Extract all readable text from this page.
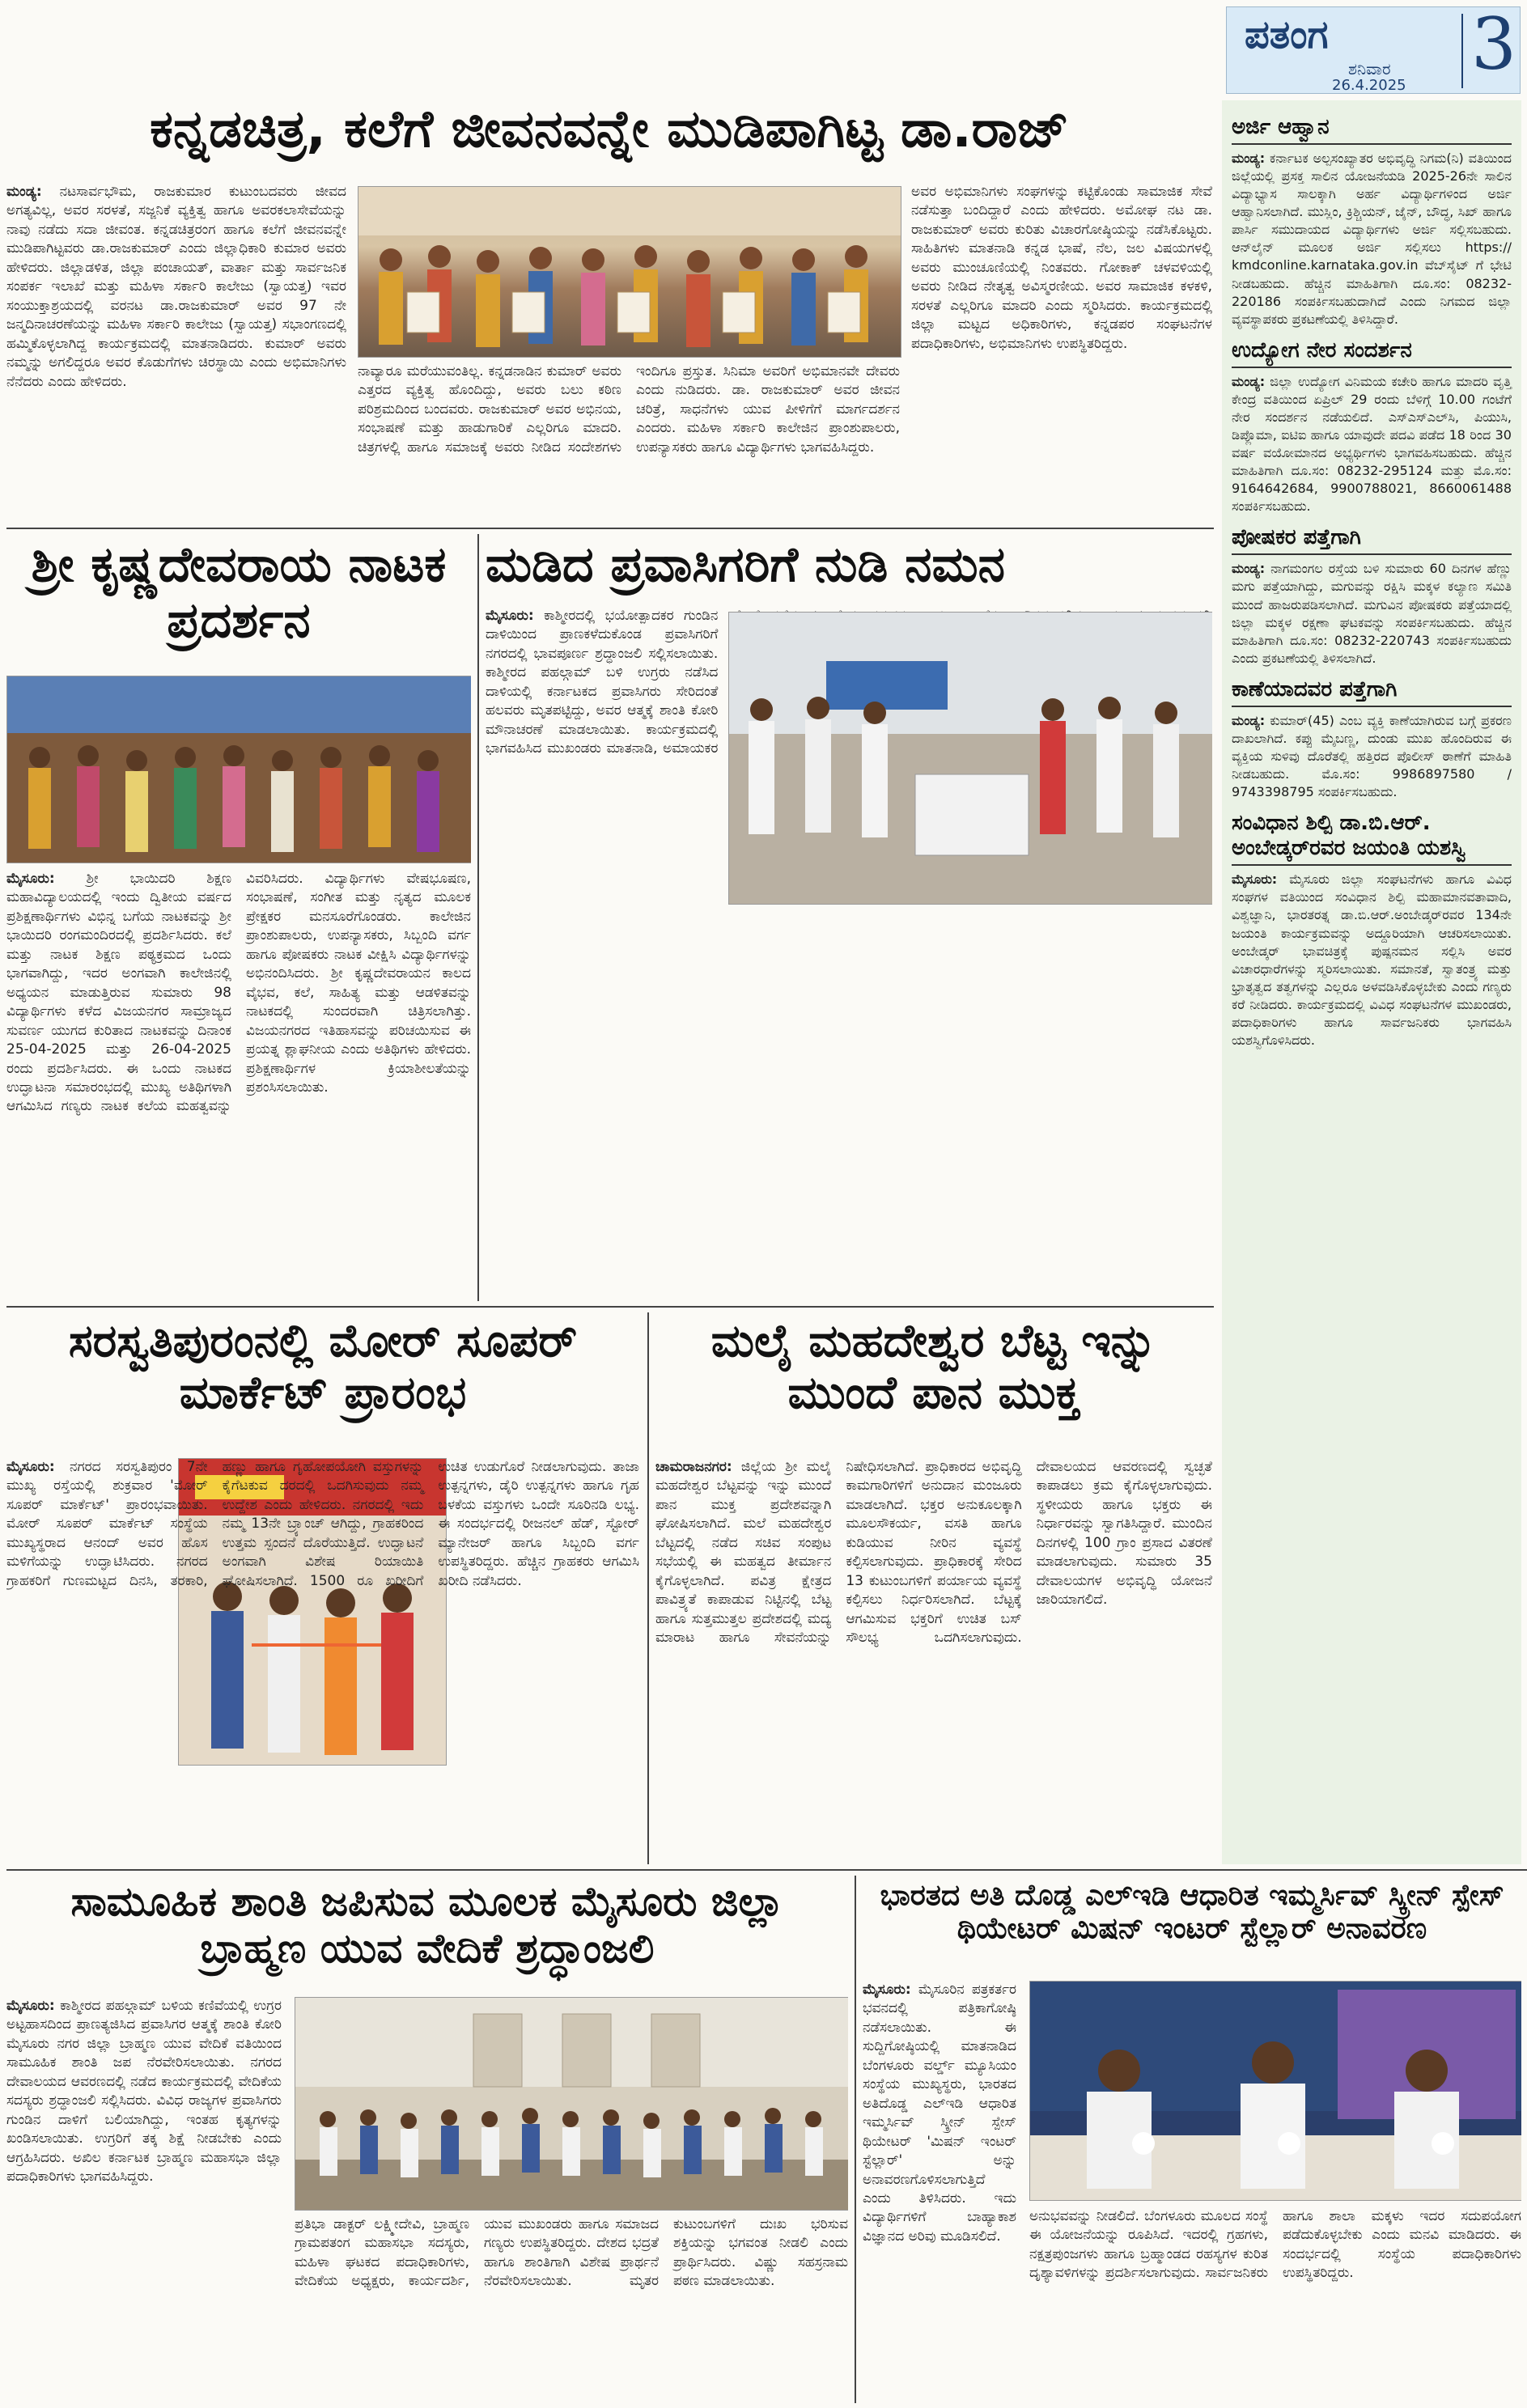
ಪತಂಗ
ಶನಿವಾರ
26.4.2025 3
ಕನ್ನಡಚಿತ್ರ, ಕಲೆಗೆ ಜೀವನವನ್ನೇ ಮುಡಿಪಾಗಿಟ್ಟ ಡಾ.ರಾಜ್
ಮಂಡ್ಯ: ನಟಸಾರ್ವಭೌಮ, ರಾಜಕುಮಾರ ಕುಟುಂಬದವರು ಜೀವದ ಅಗತ್ಯವಿಲ್ಲ, ಅವರ ಸರಳತೆ, ಸಜ್ಜನಿಕೆ ವ್ಯಕ್ತಿತ್ವ ಹಾಗೂ ಅವರಕಲಾಸೇವೆಯನ್ನು ನಾವು ನಡೆದು ಸದಾ ಜೀವಂತ. ಕನ್ನಡಚಿತ್ರರಂಗ ಹಾಗೂ ಕಲೆಗೆ ಜೀವನವನ್ನೇ ಮುಡಿಪಾಗಿಟ್ಟವರು ಡಾ.ರಾಜಕುಮಾರ್ ಎಂದು ಜಿಲ್ಲಾಧಿಕಾರಿ ಕುಮಾರ ಅವರು ಹೇಳಿದರು. ಜಿಲ್ಲಾಡಳಿತ, ಜಿಲ್ಲಾ ಪಂಚಾಯತ್, ವಾರ್ತಾ ಮತ್ತು ಸಾರ್ವಜನಿಕ ಸಂಪರ್ಕ ಇಲಾಖೆ ಮತ್ತು ಮಹಿಳಾ ಸರ್ಕಾರಿ ಕಾಲೇಜು (ಸ್ವಾಯತ್ತ) ಇವರ ಸಂಯುಕ್ತಾಶ್ರಯದಲ್ಲಿ ವರನಟ ಡಾ.ರಾಜಕುಮಾರ್ ಅವರ 97 ನೇ ಜನ್ಮದಿನಾಚರಣೆಯನ್ನು ಮಹಿಳಾ ಸರ್ಕಾರಿ ಕಾಲೇಜು (ಸ್ವಾಯತ್ತ) ಸಭಾಂಗಣದಲ್ಲಿ ಹಮ್ಮಿಕೊಳ್ಳಲಾಗಿದ್ದ ಕಾರ್ಯಕ್ರಮದಲ್ಲಿ ಮಾತನಾಡಿದರು. ಕುಮಾರ್ ಅವರು ನಮ್ಮನ್ನು ಅಗಲಿದ್ದರೂ ಅವರ ಕೊಡುಗೆಗಳು ಚಿರಸ್ಥಾಯಿ ಎಂದು ಅಭಿಮಾನಿಗಳು ನೆನೆದರು ಎಂದು ಹೇಳಿದರು.
ನಾವ್ಯಾರೂ ಮರೆಯುವಂತಿಲ್ಲ. ಕನ್ನಡನಾಡಿನ ಕುಮಾರ್ ಅವರು ಎತ್ತರದ ವ್ಯಕ್ತಿತ್ವ ಹೊಂದಿದ್ದು, ಅವರು ಬಲು ಕಠಿಣ ಪರಿಶ್ರಮದಿಂದ ಬಂದವರು. ರಾಜಕುಮಾರ್ ಅವರ ಅಭಿನಯ, ಸಂಭಾಷಣೆ ಮತ್ತು ಹಾಡುಗಾರಿಕೆ ಎಲ್ಲರಿಗೂ ಮಾದರಿ. ಚಿತ್ರಗಳಲ್ಲಿ ಹಾಗೂ ಸಮಾಜಕ್ಕೆ ಅವರು ನೀಡಿದ ಸಂದೇಶಗಳು ಇಂದಿಗೂ ಪ್ರಸ್ತುತ. ಸಿನಿಮಾ ಅವರಿಗೆ ಅಭಿಮಾನವೇ ದೇವರು ಎಂದು ನುಡಿದರು. ಡಾ. ರಾಜಕುಮಾರ್ ಅವರ ಜೀವನ ಚರಿತ್ರೆ, ಸಾಧನೆಗಳು ಯುವ ಪೀಳಿಗೆಗೆ ಮಾರ್ಗದರ್ಶನ ಎಂದರು. ಮಹಿಳಾ ಸರ್ಕಾರಿ ಕಾಲೇಜಿನ ಪ್ರಾಂಶುಪಾಲರು, ಉಪನ್ಯಾಸಕರು ಹಾಗೂ ವಿದ್ಯಾರ್ಥಿಗಳು ಭಾಗವಹಿಸಿದ್ದರು.
ಅವರ ಅಭಿಮಾನಿಗಳು ಸಂಘಗಳನ್ನು ಕಟ್ಟಿಕೊಂಡು ಸಾಮಾಜಿಕ ಸೇವೆ ನಡೆಸುತ್ತಾ ಬಂದಿದ್ದಾರೆ ಎಂದು ಹೇಳಿದರು. ಅಮೋಘ ನಟ ಡಾ. ರಾಜಕುಮಾರ್ ಅವರು ಕುರಿತು ವಿಚಾರಗೋಷ್ಠಿಯನ್ನು ನಡೆಸಿಕೊಟ್ಟರು. ಸಾಹಿತಿಗಳು ಮಾತನಾಡಿ ಕನ್ನಡ ಭಾಷೆ, ನೆಲ, ಜಲ ವಿಷಯಗಳಲ್ಲಿ ಅವರು ಮುಂಚೂಣಿಯಲ್ಲಿ ನಿಂತವರು. ಗೋಕಾಕ್ ಚಳವಳಿಯಲ್ಲಿ ಅವರು ನೀಡಿದ ನೇತೃತ್ವ ಅವಿಸ್ಮರಣೀಯ. ಅವರ ಸಾಮಾಜಿಕ ಕಳಕಳಿ, ಸರಳತೆ ಎಲ್ಲರಿಗೂ ಮಾದರಿ ಎಂದು ಸ್ಮರಿಸಿದರು. ಕಾರ್ಯಕ್ರಮದಲ್ಲಿ ಜಿಲ್ಲಾ ಮಟ್ಟದ ಅಧಿಕಾರಿಗಳು, ಕನ್ನಡಪರ ಸಂಘಟನೆಗಳ ಪದಾಧಿಕಾರಿಗಳು, ಅಭಿಮಾನಿಗಳು ಉಪಸ್ಥಿತರಿದ್ದರು.
ಶ್ರೀ ಕೃಷ್ಣದೇವರಾಯ ನಾಟಕ ಪ್ರದರ್ಶನ
ಮೈಸೂರು: ಶ್ರೀ ಭಾಯಿದರಿ ಶಿಕ್ಷಣ ಮಹಾವಿದ್ಯಾಲಯದಲ್ಲಿ ಇಂದು ದ್ವಿತೀಯ ವರ್ಷದ ಪ್ರಶಿಕ್ಷಣಾರ್ಥಿಗಳು ವಿಭಿನ್ನ ಬಗೆಯ ನಾಟಕವನ್ನು ಶ್ರೀ ಭಾಯಿದರಿ ರಂಗಮಂದಿರದಲ್ಲಿ ಪ್ರದರ್ಶಿಸಿದರು. ಕಲೆ ಮತ್ತು ನಾಟಕ ಶಿಕ್ಷಣ ಪಠ್ಯಕ್ರಮದ ಒಂದು ಭಾಗವಾಗಿದ್ದು, ಇದರ ಅಂಗವಾಗಿ ಕಾಲೇಜಿನಲ್ಲಿ ಅಧ್ಯಯನ ಮಾಡುತ್ತಿರುವ ಸುಮಾರು 98 ವಿದ್ಯಾರ್ಥಿಗಳು ಕಳೆದ ವಿಜಯನಗರ ಸಾಮ್ರಾಜ್ಯದ ಸುವರ್ಣ ಯುಗದ ಕುರಿತಾದ ನಾಟಕವನ್ನು ದಿನಾಂಕ 25-04-2025 ಮತ್ತು 26-04-2025 ರಂದು ಪ್ರದರ್ಶಿಸಿದರು. ಈ ಒಂದು ನಾಟಕದ ಉದ್ಘಾಟನಾ ಸಮಾರಂಭದಲ್ಲಿ ಮುಖ್ಯ ಅತಿಥಿಗಳಾಗಿ ಆಗಮಿಸಿದ ಗಣ್ಯರು ನಾಟಕ ಕಲೆಯ ಮಹತ್ವವನ್ನು ವಿವರಿಸಿದರು. ವಿದ್ಯಾರ್ಥಿಗಳು ವೇಷಭೂಷಣ, ಸಂಭಾಷಣೆ, ಸಂಗೀತ ಮತ್ತು ನೃತ್ಯದ ಮೂಲಕ ಪ್ರೇಕ್ಷಕರ ಮನಸೂರೆಗೊಂಡರು. ಕಾಲೇಜಿನ ಪ್ರಾಂಶುಪಾಲರು, ಉಪನ್ಯಾಸಕರು, ಸಿಬ್ಬಂದಿ ವರ್ಗ ಹಾಗೂ ಪೋಷಕರು ನಾಟಕ ವೀಕ್ಷಿಸಿ ವಿದ್ಯಾರ್ಥಿಗಳನ್ನು ಅಭಿನಂದಿಸಿದರು. ಶ್ರೀ ಕೃಷ್ಣದೇವರಾಯನ ಕಾಲದ ವೈಭವ, ಕಲೆ, ಸಾಹಿತ್ಯ ಮತ್ತು ಆಡಳಿತವನ್ನು ನಾಟಕದಲ್ಲಿ ಸುಂದರವಾಗಿ ಚಿತ್ರಿಸಲಾಗಿತ್ತು. ವಿಜಯನಗರದ ಇತಿಹಾಸವನ್ನು ಪರಿಚಯಿಸುವ ಈ ಪ್ರಯತ್ನ ಶ್ಲಾಘನೀಯ ಎಂದು ಅತಿಥಿಗಳು ಹೇಳಿದರು. ಪ್ರಶಿಕ್ಷಣಾರ್ಥಿಗಳ ಕ್ರಿಯಾಶೀಲತೆಯನ್ನು ಪ್ರಶಂಸಿಸಲಾಯಿತು.
ಮಡಿದ ಪ್ರವಾಸಿಗರಿಗೆ ನುಡಿ ನಮನ
ಮೈಸೂರು: ಕಾಶ್ಮೀರದಲ್ಲಿ ಭಯೋತ್ಪಾದಕರ ಗುಂಡಿನ ದಾಳಿಯಿಂದ ಪ್ರಾಣಕಳೆದುಕೊಂಡ ಪ್ರವಾಸಿಗರಿಗೆ ನಗರದಲ್ಲಿ ಭಾವಪೂರ್ಣ ಶ್ರದ್ಧಾಂಜಲಿ ಸಲ್ಲಿಸಲಾಯಿತು. ಕಾಶ್ಮೀರದ ಪಹಲ್ಗಾಮ್ ಬಳಿ ಉಗ್ರರು ನಡೆಸಿದ ದಾಳಿಯಲ್ಲಿ ಕರ್ನಾಟಕದ ಪ್ರವಾಸಿಗರು ಸೇರಿದಂತೆ ಹಲವರು ಮೃತಪಟ್ಟಿದ್ದು, ಅವರ ಆತ್ಮಕ್ಕೆ ಶಾಂತಿ ಕೋರಿ ಮೌನಾಚರಣೆ ಮಾಡಲಾಯಿತು. ಕಾರ್ಯಕ್ರಮದಲ್ಲಿ ಭಾಗವಹಿಸಿದ ಮುಖಂಡರು ಮಾತನಾಡಿ, ಅಮಾಯಕರ
ಸರಸ್ವತಿಪುರಂನಲ್ಲಿ ಮೋರ್ ಸೂಪರ್ ಮಾರ್ಕೆಟ್ ಪ್ರಾರಂಭ
ಮೈಸೂರು: ನಗರದ ಸರಸ್ವತಿಪುರಂ 7ನೇ ಮುಖ್ಯ ರಸ್ತೆಯಲ್ಲಿ ಶುಕ್ರವಾರ 'ಮೋರ್ ಸೂಪರ್ ಮಾರ್ಕೆಟ್' ಪ್ರಾರಂಭವಾಯಿತು. ಮೋರ್ ಸೂಪರ್ ಮಾರ್ಕೆಟ್ ಸಂಸ್ಥೆಯ ಮುಖ್ಯಸ್ಥರಾದ ಆನಂದ್ ಅವರ ಹೊಸ ಮಳಿಗೆಯನ್ನು ಉದ್ಘಾಟಿಸಿದರು. ನಗರದ ಗ್ರಾಹಕರಿಗೆ ಗುಣಮಟ್ಟದ ದಿನಸಿ, ತರಕಾರಿ, ಹಣ್ಣು ಹಾಗೂ ಗೃಹೋಪಯೋಗಿ ವಸ್ತುಗಳನ್ನು ಕೈಗೆಟಕುವ ದರದಲ್ಲಿ ಒದಗಿಸುವುದು ನಮ್ಮ ಉದ್ದೇಶ ಎಂದು ಹೇಳಿದರು. ನಗರದಲ್ಲಿ ಇದು ನಮ್ಮ 13ನೇ ಬ್ರ್ಯಾಂಚ್ ಆಗಿದ್ದು, ಗ್ರಾಹಕರಿಂದ ಉತ್ತಮ ಸ್ಪಂದನೆ ದೊರೆಯುತ್ತಿದೆ. ಉದ್ಘಾಟನೆ ಅಂಗವಾಗಿ ವಿಶೇಷ ರಿಯಾಯಿತಿ ಘೋಷಿಸಲಾಗಿದೆ. 1500 ರೂ ಖರೀದಿಗೆ ಉಚಿತ ಉಡುಗೊರೆ ನೀಡಲಾಗುವುದು. ತಾಜಾ ಉತ್ಪನ್ನಗಳು, ಡೈರಿ ಉತ್ಪನ್ನಗಳು ಹಾಗೂ ಗೃಹ ಬಳಕೆಯ ವಸ್ತುಗಳು ಒಂದೇ ಸೂರಿನಡಿ ಲಭ್ಯ. ಈ ಸಂದರ್ಭದಲ್ಲಿ ರೀಜನಲ್ ಹೆಡ್, ಸ್ಟೋರ್ ಮ್ಯಾನೇಜರ್ ಹಾಗೂ ಸಿಬ್ಬಂದಿ ವರ್ಗ ಉಪಸ್ಥಿತರಿದ್ದರು. ಹೆಚ್ಚಿನ ಗ್ರಾಹಕರು ಆಗಮಿಸಿ ಖರೀದಿ ನಡೆಸಿದರು.
ಮಲೈ ಮಹದೇಶ್ವರ ಬೆಟ್ಟ ಇನ್ನು ಮುಂದೆ ಪಾನ ಮುಕ್ತ
ಚಾಮರಾಜನಗರ: ಜಿಲ್ಲೆಯ ಶ್ರೀ ಮಲೈ ಮಹದೇಶ್ವರ ಬೆಟ್ಟವನ್ನು ಇನ್ನು ಮುಂದೆ ಪಾನ ಮುಕ್ತ ಪ್ರದೇಶವನ್ನಾಗಿ ಘೋಷಿಸಲಾಗಿದೆ. ಮಲೆ ಮಹದೇಶ್ವರ ಬೆಟ್ಟದಲ್ಲಿ ನಡೆದ ಸಚಿವ ಸಂಪುಟ ಸಭೆಯಲ್ಲಿ ಈ ಮಹತ್ವದ ತೀರ್ಮಾನ ಕೈಗೊಳ್ಳಲಾಗಿದೆ. ಪವಿತ್ರ ಕ್ಷೇತ್ರದ ಪಾವಿತ್ರ್ಯತೆ ಕಾಪಾಡುವ ನಿಟ್ಟಿನಲ್ಲಿ ಬೆಟ್ಟ ಹಾಗೂ ಸುತ್ತಮುತ್ತಲ ಪ್ರದೇಶದಲ್ಲಿ ಮದ್ಯ ಮಾರಾಟ ಹಾಗೂ ಸೇವನೆಯನ್ನು ನಿಷೇಧಿಸಲಾಗಿದೆ. ಪ್ರಾಧಿಕಾರದ ಅಭಿವೃದ್ಧಿ ಕಾಮಗಾರಿಗಳಿಗೆ ಅನುದಾನ ಮಂಜೂರು ಮಾಡಲಾಗಿದೆ. ಭಕ್ತರ ಅನುಕೂಲಕ್ಕಾಗಿ ಮೂಲಸೌಕರ್ಯ, ವಸತಿ ಹಾಗೂ ಕುಡಿಯುವ ನೀರಿನ ವ್ಯವಸ್ಥೆ ಕಲ್ಪಿಸಲಾಗುವುದು. ಪ್ರಾಧಿಕಾರಕ್ಕೆ ಸೇರಿದ 13 ಕುಟುಂಬಗಳಿಗೆ ಪರ್ಯಾಯ ವ್ಯವಸ್ಥೆ ಕಲ್ಪಿಸಲು ನಿರ್ಧರಿಸಲಾಗಿದೆ. ಬೆಟ್ಟಕ್ಕೆ ಆಗಮಿಸುವ ಭಕ್ತರಿಗೆ ಉಚಿತ ಬಸ್ ಸೌಲಭ್ಯ ಒದಗಿಸಲಾಗುವುದು. ದೇವಾಲಯದ ಆವರಣದಲ್ಲಿ ಸ್ವಚ್ಛತೆ ಕಾಪಾಡಲು ಕ್ರಮ ಕೈಗೊಳ್ಳಲಾಗುವುದು. ಸ್ಥಳೀಯರು ಹಾಗೂ ಭಕ್ತರು ಈ ನಿರ್ಧಾರವನ್ನು ಸ್ವಾಗತಿಸಿದ್ದಾರೆ. ಮುಂದಿನ ದಿನಗಳಲ್ಲಿ 100 ಗ್ರಾಂ ಪ್ರಸಾದ ವಿತರಣೆ ಮಾಡಲಾಗುವುದು. ಸುಮಾರು 35 ದೇವಾಲಯಗಳ ಅಭಿವೃದ್ಧಿ ಯೋಜನೆ ಜಾರಿಯಾಗಲಿದೆ.
ಅರ್ಜಿ ಆಹ್ವಾನ
ಮಂಡ್ಯ: ಕರ್ನಾಟಕ ಅಲ್ಪಸಂಖ್ಯಾತರ ಅಭಿವೃದ್ಧಿ ನಿಗಮ(ನಿ) ವತಿಯಿಂದ ಜಿಲ್ಲೆಯಲ್ಲಿ ಪ್ರಸಕ್ತ ಸಾಲಿನ ಯೋಜನೆಯಡಿ 2025-26ನೇ ಸಾಲಿನ ವಿದ್ಯಾಭ್ಯಾಸ ಸಾಲಕ್ಕಾಗಿ ಅರ್ಹ ವಿದ್ಯಾರ್ಥಿಗಳಿಂದ ಅರ್ಜಿ ಆಹ್ವಾನಿಸಲಾಗಿದೆ. ಮುಸ್ಲಿಂ, ಕ್ರಿಶ್ಚಿಯನ್, ಜೈನ್, ಬೌದ್ಧ, ಸಿಖ್ ಹಾಗೂ ಪಾರ್ಸಿ ಸಮುದಾಯದ ವಿದ್ಯಾರ್ಥಿಗಳು ಅರ್ಜಿ ಸಲ್ಲಿಸಬಹುದು. ಆನ್‌ಲೈನ್ ಮೂಲಕ ಅರ್ಜಿ ಸಲ್ಲಿಸಲು https:// kmdconline.karnataka.gov.in ವೆಬ್‌ಸೈಟ್ ಗೆ ಭೇಟಿ ನೀಡಬಹುದು. ಹೆಚ್ಚಿನ ಮಾಹಿತಿಗಾಗಿ ದೂ.ಸಂ: 08232-220186 ಸಂಪರ್ಕಿಸಬಹುದಾಗಿದೆ ಎಂದು ನಿಗಮದ ಜಿಲ್ಲಾ ವ್ಯವಸ್ಥಾಪಕರು ಪ್ರಕಟಣೆಯಲ್ಲಿ ತಿಳಿಸಿದ್ದಾರೆ.
ಉದ್ಯೋಗ ನೇರ ಸಂದರ್ಶನ
ಮಂಡ್ಯ: ಜಿಲ್ಲಾ ಉದ್ಯೋಗ ವಿನಿಮಯ ಕಚೇರಿ ಹಾಗೂ ಮಾದರಿ ವೃತ್ತಿ ಕೇಂದ್ರ ವತಿಯಿಂದ ಏಪ್ರಿಲ್ 29 ರಂದು ಬೆಳಿಗ್ಗೆ 10.00 ಗಂಟೆಗೆ ನೇರ ಸಂದರ್ಶನ ನಡೆಯಲಿದೆ. ಎಸ್‌ಎಸ್‌ಎಲ್‌ಸಿ, ಪಿಯುಸಿ, ಡಿಪ್ಲೊಮಾ, ಐಟಿಐ ಹಾಗೂ ಯಾವುದೇ ಪದವಿ ಪಡೆದ 18 ರಿಂದ 30 ವರ್ಷ ವಯೋಮಾನದ ಅಭ್ಯರ್ಥಿಗಳು ಭಾಗವಹಿಸಬಹುದು. ಹೆಚ್ಚಿನ ಮಾಹಿತಿಗಾಗಿ ದೂ.ಸಂ: 08232-295124 ಮತ್ತು ಮೊ.ಸಂ: 9164642684, 9900788021, 8660061488 ಸಂಪರ್ಕಿಸಬಹುದು.
ಪೋಷಕರ ಪತ್ತೆಗಾಗಿ
ಮಂಡ್ಯ: ನಾಗಮಂಗಲ ರಸ್ತೆಯ ಬಳಿ ಸುಮಾರು 60 ದಿನಗಳ ಹೆಣ್ಣು ಮಗು ಪತ್ತೆಯಾಗಿದ್ದು, ಮಗುವನ್ನು ರಕ್ಷಿಸಿ ಮಕ್ಕಳ ಕಲ್ಯಾಣ ಸಮಿತಿ ಮುಂದೆ ಹಾಜರುಪಡಿಸಲಾಗಿದೆ. ಮಗುವಿನ ಪೋಷಕರು ಪತ್ತೆಯಾದಲ್ಲಿ ಜಿಲ್ಲಾ ಮಕ್ಕಳ ರಕ್ಷಣಾ ಘಟಕವನ್ನು ಸಂಪರ್ಕಿಸಬಹುದು. ಹೆಚ್ಚಿನ ಮಾಹಿತಿಗಾಗಿ ದೂ.ಸಂ: 08232-220743 ಸಂಪರ್ಕಿಸಬಹುದು ಎಂದು ಪ್ರಕಟಣೆಯಲ್ಲಿ ತಿಳಿಸಲಾಗಿದೆ.
ಕಾಣೆಯಾದವರ ಪತ್ತೆಗಾಗಿ
ಮಂಡ್ಯ: ಕುಮಾರ್(45) ಎಂಬ ವ್ಯಕ್ತಿ ಕಾಣೆಯಾಗಿರುವ ಬಗ್ಗೆ ಪ್ರಕರಣ ದಾಖಲಾಗಿದೆ. ಕಪ್ಪು ಮೈಬಣ್ಣ, ದುಂಡು ಮುಖ ಹೊಂದಿರುವ ಈ ವ್ಯಕ್ತಿಯ ಸುಳಿವು ದೊರೆತಲ್ಲಿ ಹತ್ತಿರದ ಪೊಲೀಸ್ ಠಾಣೆಗೆ ಮಾಹಿತಿ ನೀಡಬಹುದು. ಮೊ.ಸಂ: 9986897580 / 9743398795 ಸಂಪರ್ಕಿಸಬಹುದು.
ಸಂವಿಧಾನ ಶಿಲ್ಪಿ ಡಾ.ಬಿ.ಆರ್. ಅಂಬೇಡ್ಕರ್‌ರವರ ಜಯಂತಿ ಯಶಸ್ವಿ
ಮೈಸೂರು: ಮೈಸೂರು ಜಿಲ್ಲಾ ಸಂಘಟನೆಗಳು ಹಾಗೂ ವಿವಿಧ ಸಂಘಗಳ ವತಿಯಿಂದ ಸಂವಿಧಾನ ಶಿಲ್ಪಿ ಮಹಾಮಾನವತಾವಾದಿ, ವಿಶ್ವಜ್ಞಾನಿ, ಭಾರತರತ್ನ ಡಾ.ಬಿ.ಆರ್.ಅಂಬೇಡ್ಕರ್‌ರವರ 134ನೇ ಜಯಂತಿ ಕಾರ್ಯಕ್ರಮವನ್ನು ಅದ್ದೂರಿಯಾಗಿ ಆಚರಿಸಲಾಯಿತು. ಅಂಬೇಡ್ಕರ್ ಭಾವಚಿತ್ರಕ್ಕೆ ಪುಷ್ಪನಮನ ಸಲ್ಲಿಸಿ ಅವರ ವಿಚಾರಧಾರೆಗಳನ್ನು ಸ್ಮರಿಸಲಾಯಿತು. ಸಮಾನತೆ, ಸ್ವಾತಂತ್ರ್ಯ ಮತ್ತು ಭ್ರಾತೃತ್ವದ ತತ್ವಗಳನ್ನು ಎಲ್ಲರೂ ಅಳವಡಿಸಿಕೊಳ್ಳಬೇಕು ಎಂದು ಗಣ್ಯರು ಕರೆ ನೀಡಿದರು. ಕಾರ್ಯಕ್ರಮದಲ್ಲಿ ವಿವಿಧ ಸಂಘಟನೆಗಳ ಮುಖಂಡರು, ಪದಾಧಿಕಾರಿಗಳು ಹಾಗೂ ಸಾರ್ವಜನಿಕರು ಭಾಗವಹಿಸಿ ಯಶಸ್ವಿಗೊಳಿಸಿದರು.
ಸಾಮೂಹಿಕ ಶಾಂತಿ ಜಪಿಸುವ ಮೂಲಕ ಮೈಸೂರು ಜಿಲ್ಲಾ ಬ್ರಾಹ್ಮಣ ಯುವ ವೇದಿಕೆ ಶ್ರದ್ಧಾಂಜಲಿ
ಮೈಸೂರು: ಕಾಶ್ಮೀರದ ಪಹಲ್ಗಾಮ್ ಬಳಿಯ ಕಣಿವೆಯಲ್ಲಿ ಉಗ್ರರ ಅಟ್ಟಹಾಸದಿಂದ ಪ್ರಾಣತ್ಯಜಿಸಿದ ಪ್ರವಾಸಿಗರ ಆತ್ಮಕ್ಕೆ ಶಾಂತಿ ಕೋರಿ ಮೈಸೂರು ನಗರ ಜಿಲ್ಲಾ ಬ್ರಾಹ್ಮಣ ಯುವ ವೇದಿಕೆ ವತಿಯಿಂದ ಸಾಮೂಹಿಕ ಶಾಂತಿ ಜಪ ನೆರವೇರಿಸಲಾಯಿತು. ನಗರದ ದೇವಾಲಯದ ಆವರಣದಲ್ಲಿ ನಡೆದ ಕಾರ್ಯಕ್ರಮದಲ್ಲಿ ವೇದಿಕೆಯ ಸದಸ್ಯರು ಶ್ರದ್ಧಾಂಜಲಿ ಸಲ್ಲಿಸಿದರು. ವಿವಿಧ ರಾಜ್ಯಗಳ ಪ್ರವಾಸಿಗರು ಗುಂಡಿನ ದಾಳಿಗೆ ಬಲಿಯಾಗಿದ್ದು, ಇಂತಹ ಕೃತ್ಯಗಳನ್ನು ಖಂಡಿಸಲಾಯಿತು. ಉಗ್ರರಿಗೆ ತಕ್ಕ ಶಿಕ್ಷೆ ನೀಡಬೇಕು ಎಂದು ಆಗ್ರಹಿಸಿದರು. ಅಖಿಲ ಕರ್ನಾಟಕ ಬ್ರಾಹ್ಮಣ ಮಹಾಸಭಾ ಜಿಲ್ಲಾ ಪದಾಧಿಕಾರಿಗಳು ಭಾಗವಹಿಸಿದ್ದರು.
ಪ್ರತಿಭಾ ಡಾಕ್ಟರ್ ಲಕ್ಷ್ಮೀದೇವಿ, ಬ್ರಾಹ್ಮಣ ಗ್ರಾಮಪತಂಗ ಮಹಾಸಭಾ ಸದಸ್ಯರು, ಮಹಿಳಾ ಘಟಕದ ಪದಾಧಿಕಾರಿಗಳು, ವೇದಿಕೆಯ ಅಧ್ಯಕ್ಷರು, ಕಾರ್ಯದರ್ಶಿ, ಯುವ ಮುಖಂಡರು ಹಾಗೂ ಸಮಾಜದ ಗಣ್ಯರು ಉಪಸ್ಥಿತರಿದ್ದರು. ದೇಶದ ಭದ್ರತೆ ಹಾಗೂ ಶಾಂತಿಗಾಗಿ ವಿಶೇಷ ಪ್ರಾರ್ಥನೆ ನೆರವೇರಿಸಲಾಯಿತು. ಮೃತರ ಕುಟುಂಬಗಳಿಗೆ ದುಃಖ ಭರಿಸುವ ಶಕ್ತಿಯನ್ನು ಭಗವಂತ ನೀಡಲಿ ಎಂದು ಪ್ರಾರ್ಥಿಸಿದರು. ವಿಷ್ಣು ಸಹಸ್ರನಾಮ ಪಠಣ ಮಾಡಲಾಯಿತು.
ಭಾರತದ ಅತಿ ದೊಡ್ಡ ಎಲ್ಇಡಿ ಆಧಾರಿತ ಇಮ್ಮರ್ಸಿವ್ ಸ್ಕ್ರೀನ್ ಸ್ಪೇಸ್ ಥಿಯೇಟರ್ ಮಿಷನ್ ಇಂಟರ್ ಸ್ಟೆಲ್ಲಾರ್ ಅನಾವರಣ
ಮೈಸೂರು: ಮೈಸೂರಿನ ಪತ್ರಕರ್ತರ ಭವನದಲ್ಲಿ ಪತ್ರಿಕಾಗೋಷ್ಠಿ ನಡೆಸಲಾಯಿತು. ಈ ಸುದ್ದಿಗೋಷ್ಠಿಯಲ್ಲಿ ಮಾತನಾಡಿದ ಬೆಂಗಳೂರು ವರ್ಲ್ಡ್ ಮ್ಯೂಸಿಯಂ ಸಂಸ್ಥೆಯ ಮುಖ್ಯಸ್ಥರು, ಭಾರತದ ಅತಿದೊಡ್ಡ ಎಲ್ಇಡಿ ಆಧಾರಿತ ಇಮ್ಮರ್ಸಿವ್ ಸ್ಕ್ರೀನ್ ಸ್ಪೇಸ್ ಥಿಯೇಟರ್ 'ಮಿಷನ್ ಇಂಟರ್ ಸ್ಟೆಲ್ಲಾರ್' ಅನ್ನು ಅನಾವರಣಗೊಳಿಸಲಾಗುತ್ತಿದೆ ಎಂದು ತಿಳಿಸಿದರು. ಇದು ವಿದ್ಯಾರ್ಥಿಗಳಿಗೆ ಬಾಹ್ಯಾಕಾಶ ವಿಜ್ಞಾನದ ಅರಿವು ಮೂಡಿಸಲಿದೆ.
ಅನುಭವವನ್ನು ನೀಡಲಿದೆ. ಬೆಂಗಳೂರು ಮೂಲದ ಸಂಸ್ಥೆ ಈ ಯೋಜನೆಯನ್ನು ರೂಪಿಸಿದೆ. ಇದರಲ್ಲಿ ಗ್ರಹಗಳು, ನಕ್ಷತ್ರಪುಂಜಗಳು ಹಾಗೂ ಬ್ರಹ್ಮಾಂಡದ ರಹಸ್ಯಗಳ ಕುರಿತ ದೃಶ್ಯಾವಳಿಗಳನ್ನು ಪ್ರದರ್ಶಿಸಲಾಗುವುದು. ಸಾರ್ವಜನಿಕರು ಹಾಗೂ ಶಾಲಾ ಮಕ್ಕಳು ಇದರ ಸದುಪಯೋಗ ಪಡೆದುಕೊಳ್ಳಬೇಕು ಎಂದು ಮನವಿ ಮಾಡಿದರು. ಈ ಸಂದರ್ಭದಲ್ಲಿ ಸಂಸ್ಥೆಯ ಪದಾಧಿಕಾರಿಗಳು ಉಪಸ್ಥಿತರಿದ್ದರು.
